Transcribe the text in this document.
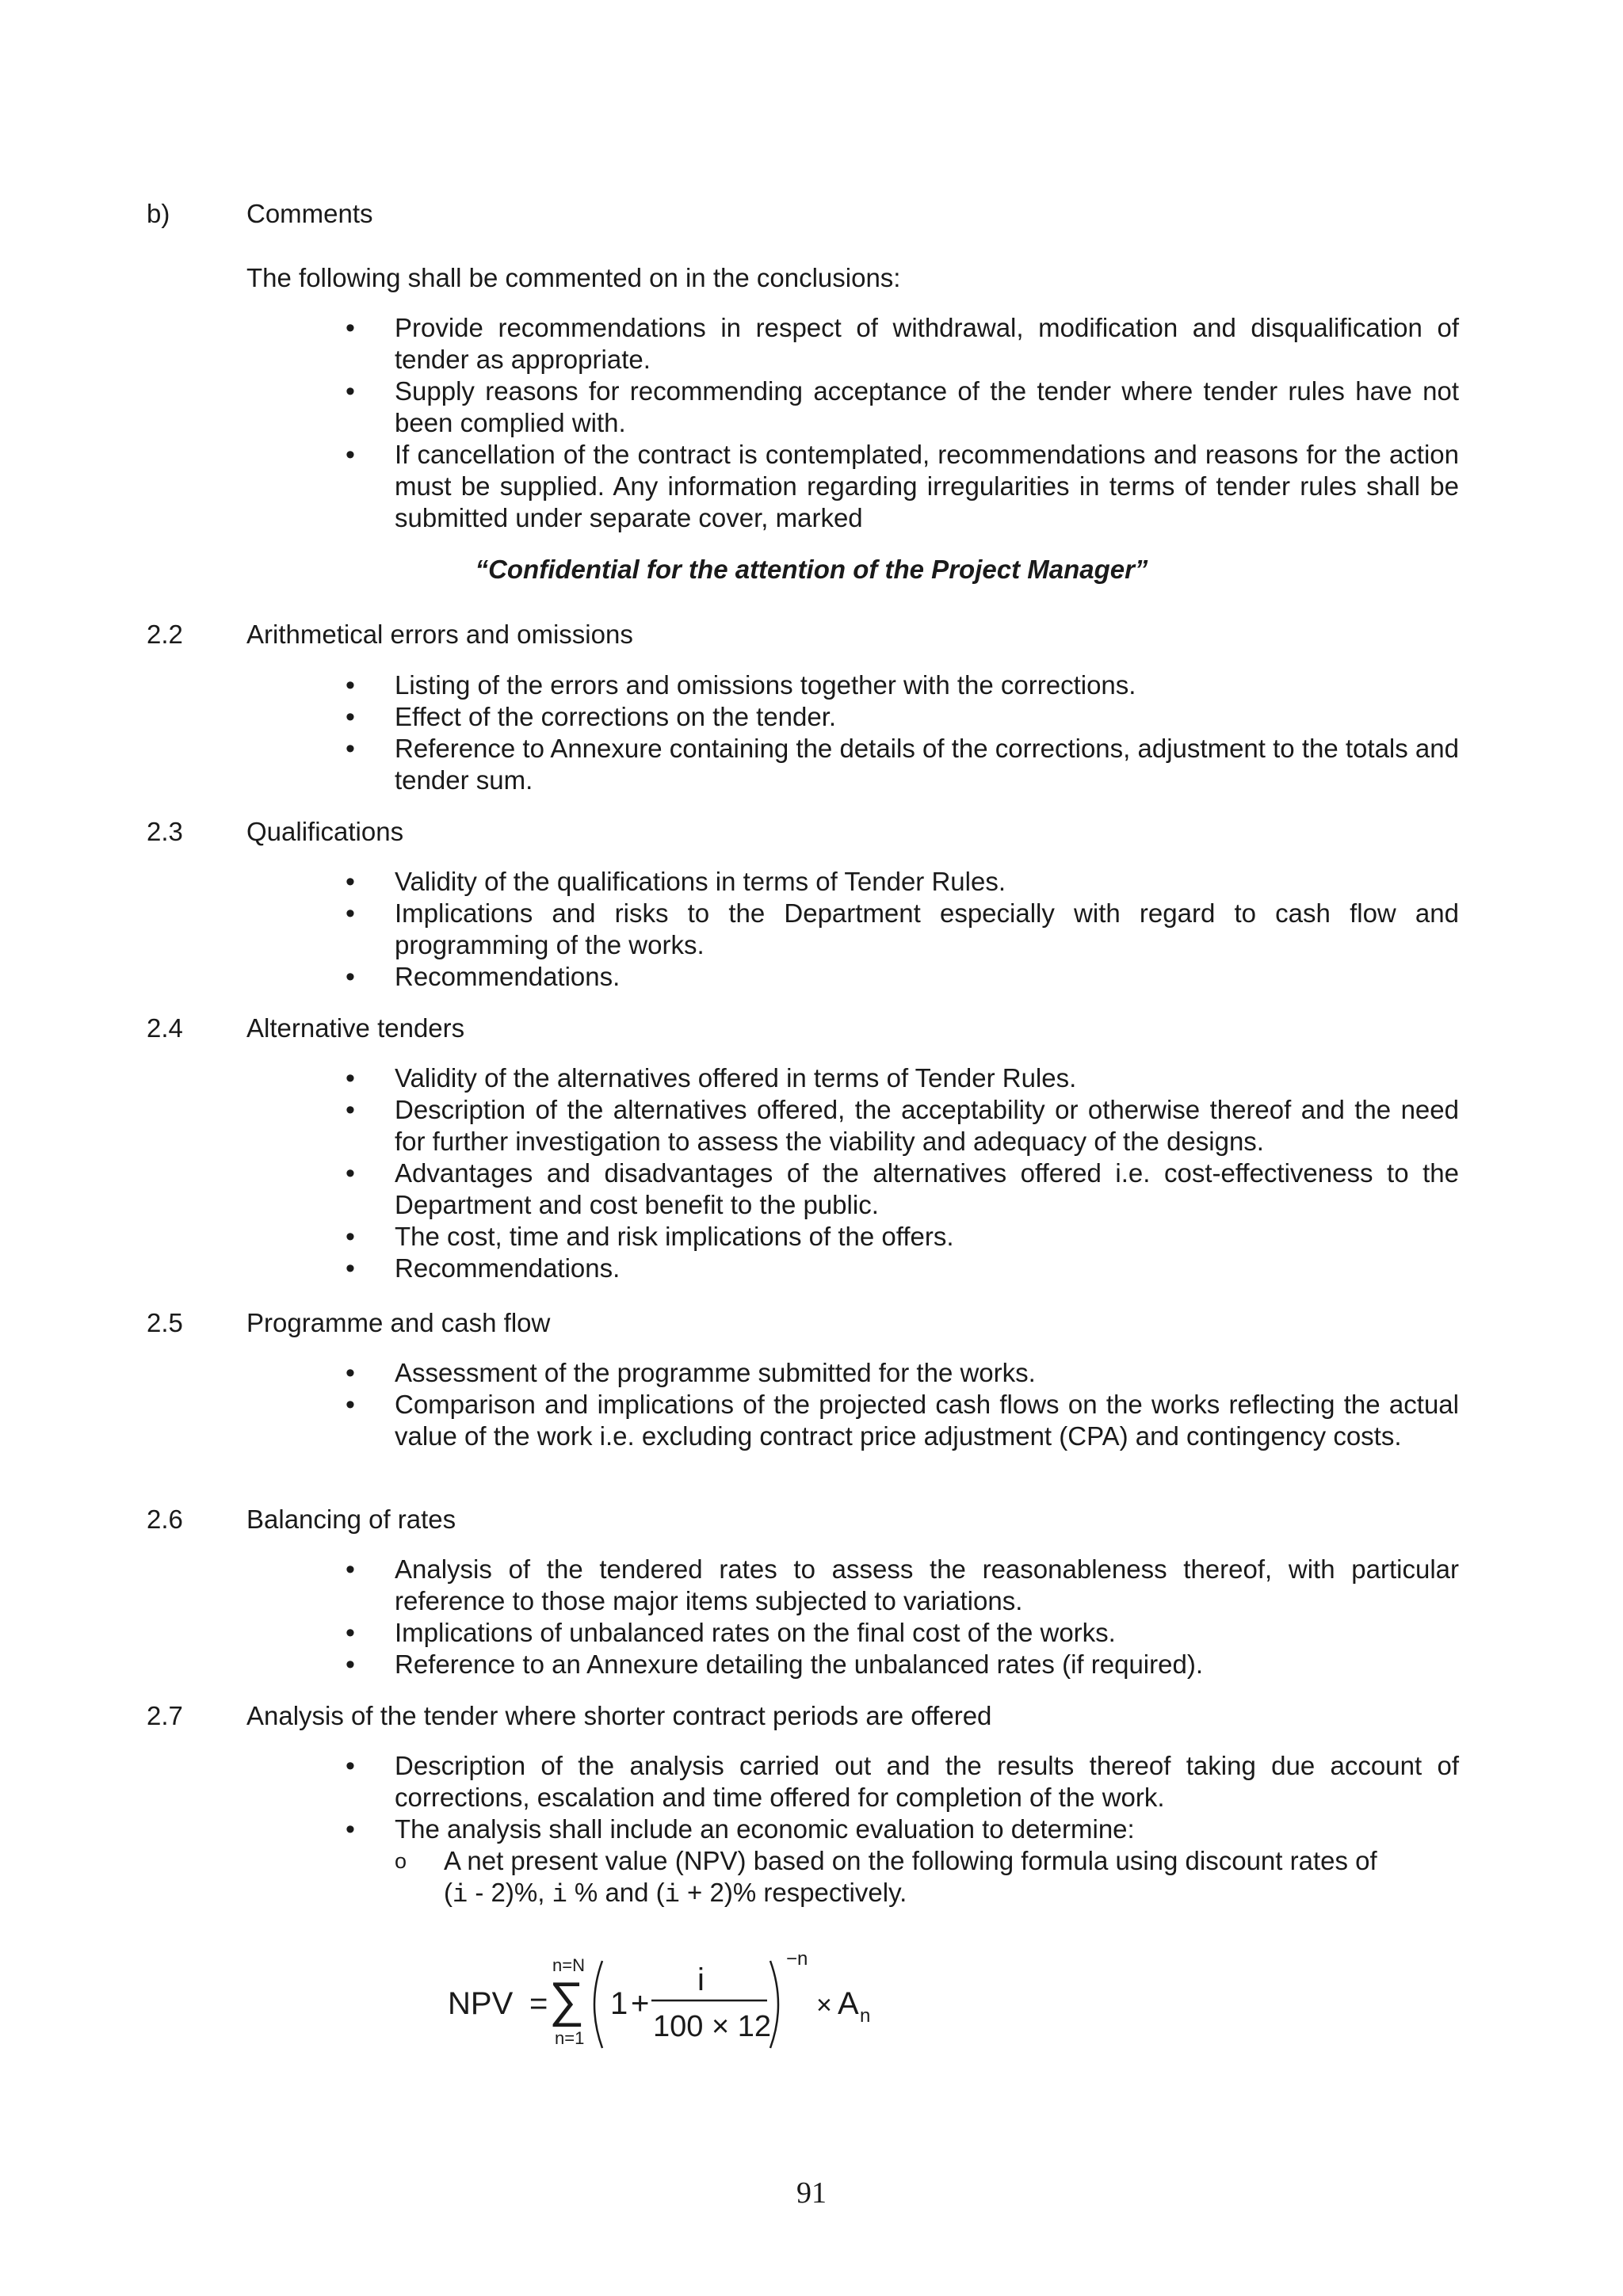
b)	Comments
The following shall be commented on in the conclusions:
• Provide recommendations in respect of withdrawal, modification and disqualification of tender as appropriate.
• Supply reasons for recommending acceptance of the tender where tender rules have not been complied with.
• If cancellation of the contract is contemplated, recommendations and reasons for the action must be supplied. Any information regarding irregularities in terms of tender rules shall be submitted under separate cover, marked
“Confidential for the attention of the Project Manager”
2.2 Arithmetical errors and omissions
• Listing of the errors and omissions together with the corrections.
• Effect of the corrections on the tender.
• Reference to Annexure containing the details of the corrections, adjustment to the totals and tender sum.
2.3 Qualifications
• Validity of the qualifications in terms of Tender Rules.
• Implications and risks to the Department especially with regard to cash flow and programming of the works.
• Recommendations.
2.4 Alternative tenders
• Validity of the alternatives offered in terms of Tender Rules.
• Description of the alternatives offered, the acceptability or otherwise thereof and the need for further investigation to assess the viability and adequacy of the designs.
• Advantages and disadvantages of the alternatives offered i.e. cost-effectiveness to the Department and cost benefit to the public.
• The cost, time and risk implications of the offers.
• Recommendations.
2.5 Programme and cash flow
• Assessment of the programme submitted for the works.
• Comparison and implications of the projected cash flows on the works reflecting the actual value of the work i.e. excluding contract price adjustment (CPA) and contingency costs.
2.6 Balancing of rates
• Analysis of the tendered rates to assess the reasonableness thereof, with particular reference to those major items subjected to variations.
• Implications of unbalanced rates on the final cost of the works.
• Reference to an Annexure detailing the unbalanced rates (if required).
2.7 Analysis of the tender where shorter contract periods are offered
• Description of the analysis carried out and the results thereof taking due account of corrections, escalation and time offered for completion of the work.
• The analysis shall include an economic evaluation to determine:
o A net present value (NPV) based on the following formula using discount rates of
(i - 2)%, i % and (i + 2)% respectively.
NPV =
n=N
∑
n=1
1 +
i
100 × 12
−n
× A n
91
